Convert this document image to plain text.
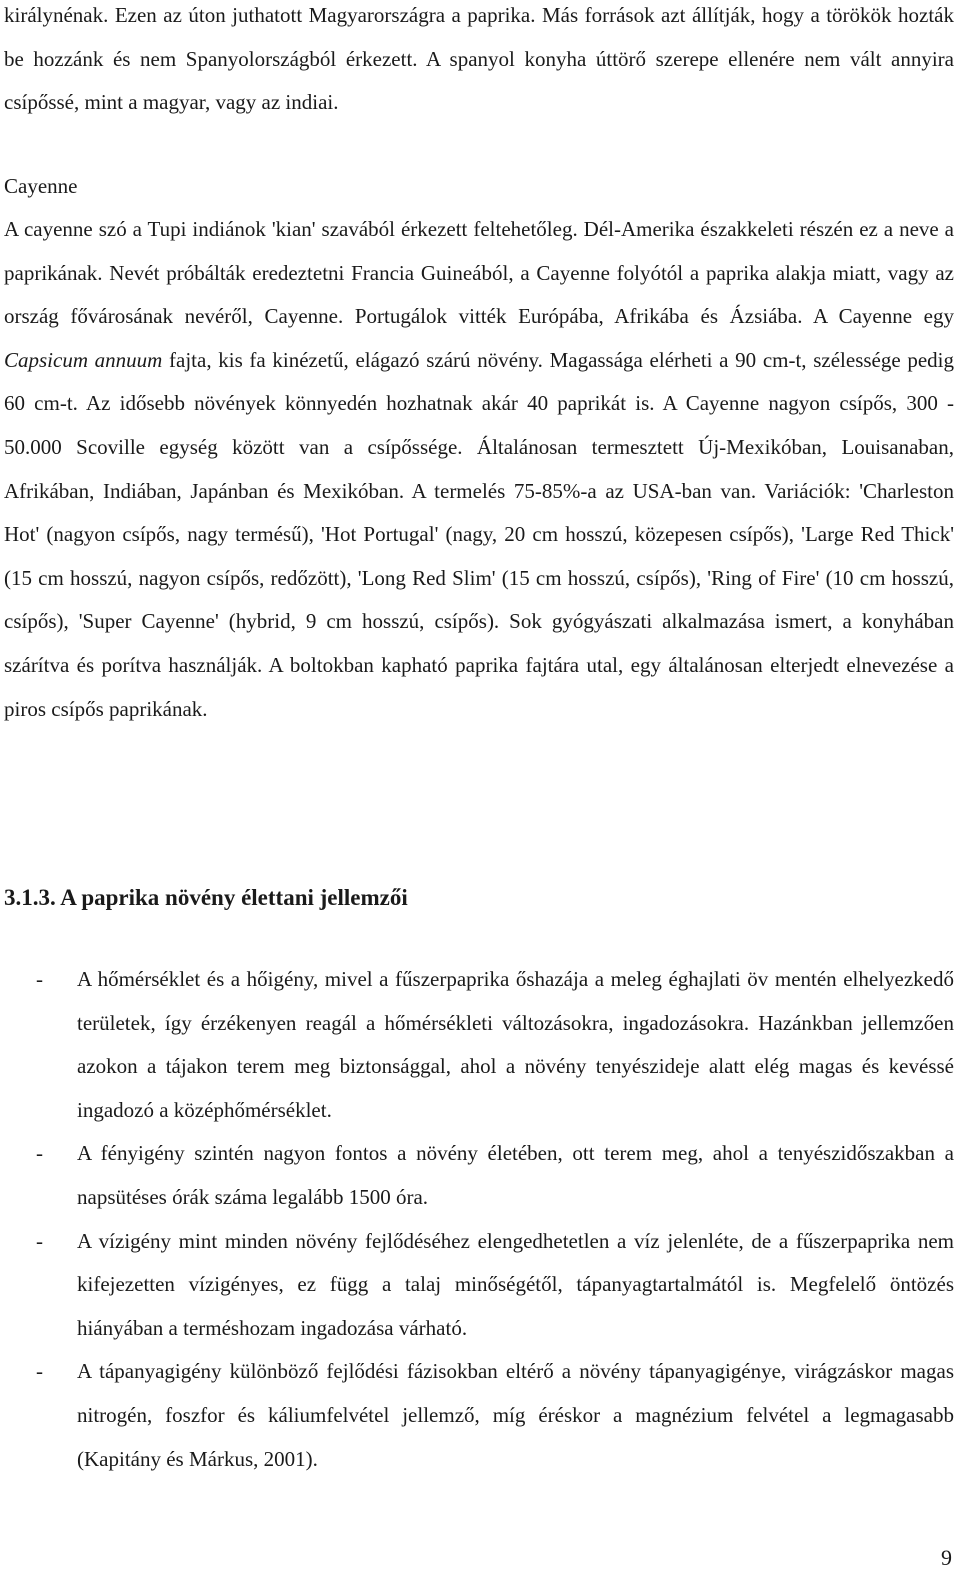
királynénak. Ezen az úton juthatott Magyarországra a paprika. Más források azt állítják, hogy a törökök hozták be hozzánk és nem Spanyolországból érkezett. A spanyol konyha úttörő szerepe ellenére nem vált annyira csípőssé, mint a magyar, vagy az indiai.
Cayenne
A cayenne szó a Tupi indiánok 'kian' szavából érkezett feltehetőleg. Dél-Amerika északkeleti részén ez a neve a paprikának. Nevét próbálták eredeztetni Francia Guineából, a Cayenne folyótól a paprika alakja miatt, vagy az ország fővárosának nevéről, Cayenne. Portugálok vitték Európába, Afrikába és Ázsiába. A Cayenne egy Capsicum annuum fajta, kis fa kinézetű, elágazó szárú növény. Magassága elérheti a 90 cm-t, szélessége pedig 60 cm-t. Az idősebb növények könnyedén hozhatnak akár 40 paprikát is. A Cayenne nagyon csípős, 300 - 50.000 Scoville egység között van a csípőssége. Általánosan termesztett Új-Mexikóban, Louisanaban, Afrikában, Indiában, Japánban és Mexikóban. A termelés 75-85%-a az USA-ban van. Variációk: 'Charleston Hot' (nagyon csípős, nagy termésű), 'Hot Portugal' (nagy, 20 cm hosszú, közepesen csípős), 'Large Red Thick' (15 cm hosszú, nagyon csípős, redőzött), 'Long Red Slim' (15 cm hosszú, csípős), 'Ring of Fire' (10 cm hosszú, csípős), 'Super Cayenne' (hybrid, 9 cm hosszú, csípős). Sok gyógyászati alkalmazása ismert, a konyhában szárítva és porítva használják. A boltokban kapható paprika fajtára utal, egy általánosan elterjedt elnevezése a piros csípős paprikának.
3.1.3. A paprika növény élettani jellemzői
- A hőmérséklet és a hőigény, mivel a fűszerpaprika őshazája a meleg éghajlati öv mentén elhelyezkedő területek, így érzékenyen reagál a hőmérsékleti változásokra, ingadozásokra. Hazánkban jellemzően azokon a tájakon terem meg biztonsággal, ahol a növény tenyészideje alatt elég magas és kevéssé ingadozó a középhőmérséklet.
- A fényigény szintén nagyon fontos a növény életében, ott terem meg, ahol a tenyészidőszakban a napsütéses órák száma legalább 1500 óra.
- A vízigény mint minden növény fejlődéséhez elengedhetetlen a víz jelenléte, de a fűszerpaprika nem kifejezetten vízigényes, ez függ a talaj minőségétől, tápanyagtartalmától is. Megfelelő öntözés hiányában a terméshozam ingadozása várható.
- A tápanyagigény különböző fejlődési fázisokban eltérő a növény tápanyagigénye, virágzáskor magas nitrogén, foszfor és káliumfelvétel jellemző, míg éréskor a magnézium felvétel a legmagasabb (Kapitány és Márkus, 2001).
9
